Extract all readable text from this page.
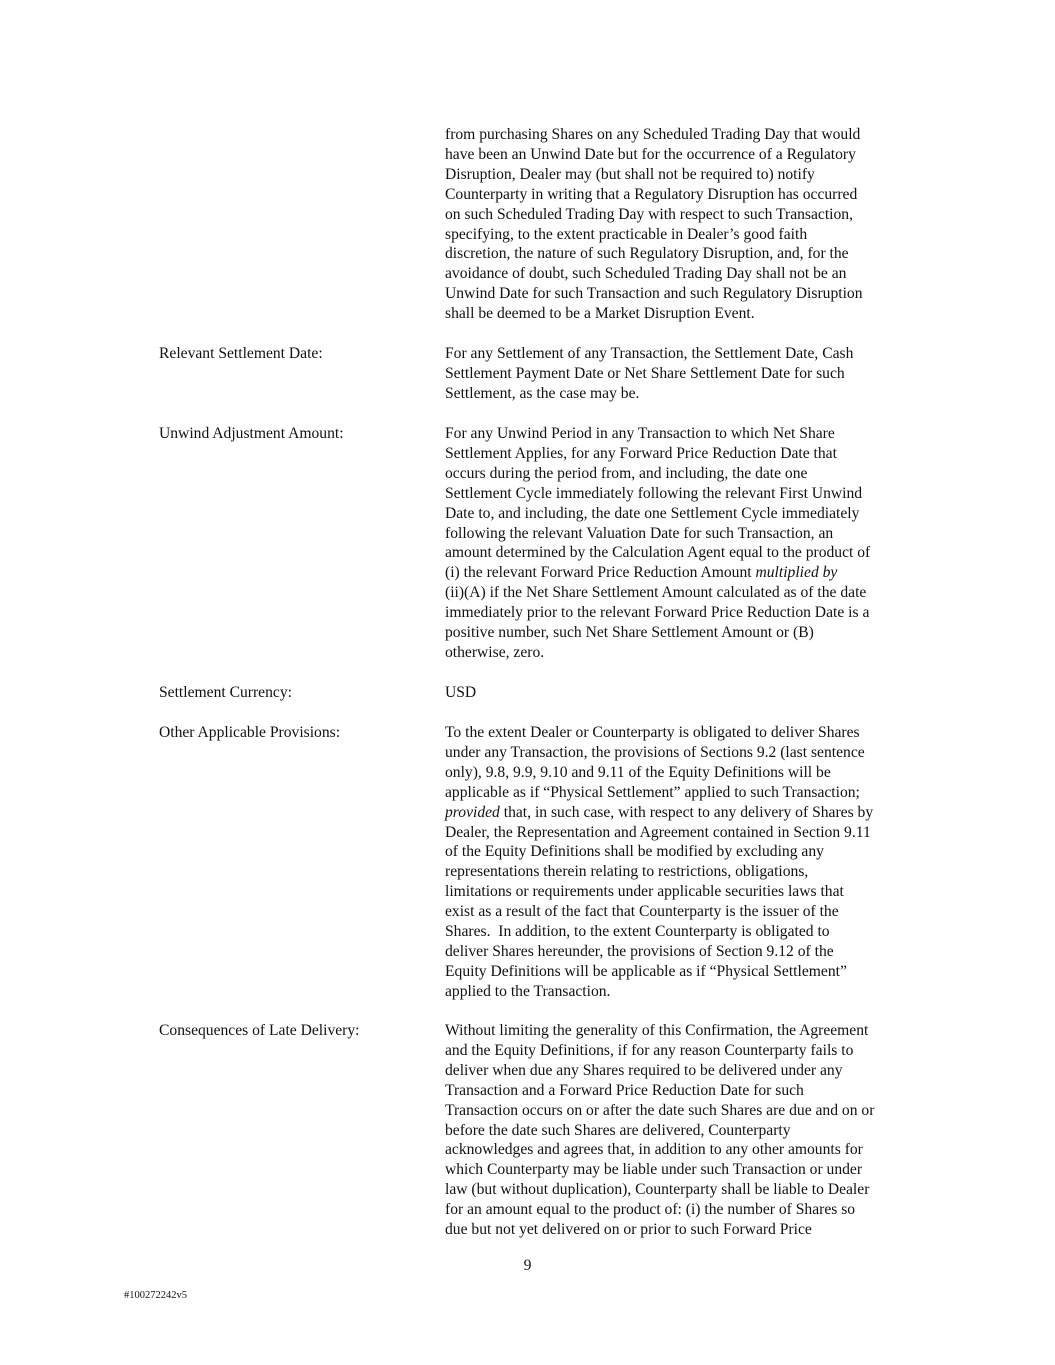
from purchasing Shares on any Scheduled Trading Day that would
have been an Unwind Date but for the occurrence of a Regulatory
Disruption, Dealer may (but shall not be required to) notify
Counterparty in writing that a Regulatory Disruption has occurred
on such Scheduled Trading Day with respect to such Transaction,
specifying, to the extent practicable in Dealer’s good faith
discretion, the nature of such Regulatory Disruption, and, for the
avoidance of doubt, such Scheduled Trading Day shall not be an
Unwind Date for such Transaction and such Regulatory Disruption
shall be deemed to be a Market Disruption Event.
Relevant Settlement Date:	For any Settlement of any Transaction, the Settlement Date, Cash
Settlement Payment Date or Net Share Settlement Date for such
Settlement, as the case may be.
Unwind Adjustment Amount:	For any Unwind Period in any Transaction to which Net Share
Settlement Applies, for any Forward Price Reduction Date that
occurs during the period from, and including, the date one
Settlement Cycle immediately following the relevant First Unwind
Date to, and including, the date one Settlement Cycle immediately
following the relevant Valuation Date for such Transaction, an
amount determined by the Calculation Agent equal to the product of
(i) the relevant Forward Price Reduction Amount multiplied by
(ii)(A) if the Net Share Settlement Amount calculated as of the date
immediately prior to the relevant Forward Price Reduction Date is a
positive number, such Net Share Settlement Amount or (B)
otherwise, zero.
Settlement Currency:	USD
Other Applicable Provisions:	To the extent Dealer or Counterparty is obligated to deliver Shares
under any Transaction, the provisions of Sections 9.2 (last sentence
only), 9.8, 9.9, 9.10 and 9.11 of the Equity Definitions will be
applicable as if “Physical Settlement” applied to such Transaction;
provided that, in such case, with respect to any delivery of Shares by
Dealer, the Representation and Agreement contained in Section 9.11
of the Equity Definitions shall be modified by excluding any
representations therein relating to restrictions, obligations,
limitations or requirements under applicable securities laws that
exist as a result of the fact that Counterparty is the issuer of the
Shares.  In addition, to the extent Counterparty is obligated to
deliver Shares hereunder, the provisions of Section 9.12 of the
Equity Definitions will be applicable as if “Physical Settlement”
applied to the Transaction.
Consequences of Late Delivery:	Without limiting the generality of this Confirmation, the Agreement
and the Equity Definitions, if for any reason Counterparty fails to
deliver when due any Shares required to be delivered under any
Transaction and a Forward Price Reduction Date for such
Transaction occurs on or after the date such Shares are due and on or
before the date such Shares are delivered, Counterparty
acknowledges and agrees that, in addition to any other amounts for
which Counterparty may be liable under such Transaction or under
law (but without duplication), Counterparty shall be liable to Dealer
for an amount equal to the product of: (i) the number of Shares so
due but not yet delivered on or prior to such Forward Price
9
#100272242v5
